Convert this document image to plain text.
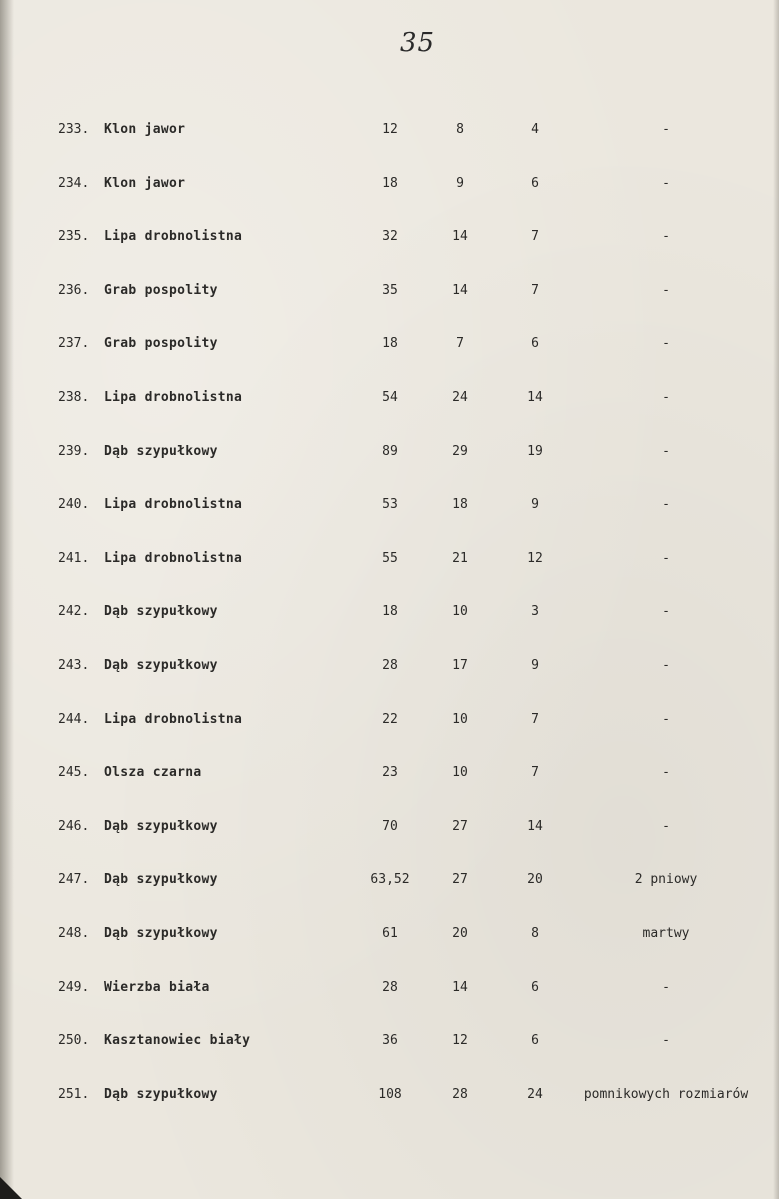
35
233. Klon jawor	12	8	4	-
234. Klon jawor	18	9	6	-
235. Lipa drobnolistna	32	14	7	-
236. Grab pospolity	35	14	7	-
237. Grab pospolity	18	7	6	-
238. Lipa drobnolistna	54	24	14	-
239. Dąb szypułkowy	89	29	19	-
240. Lipa drobnolistna	53	18	9	-
241. Lipa drobnolistna	55	21	12	-
242. Dąb szypułkowy	18	10	3	-
243. Dąb szypułkowy	28	17	9	-
244. Lipa drobnolistna	22	10	7	-
245. Olsza czarna	23	10	7	-
246. Dąb szypułkowy	70	27	14	-
247. Dąb szypułkowy	63,52	27	20	2 pniowy
248. Dąb szypułkowy	61	20	8	martwy
249. Wierzba biała	28	14	6	-
250. Kasztanowiec biały	36	12	6	-
251. Dąb szypułkowy	108	28	24	pomnikowych rozmiarów
